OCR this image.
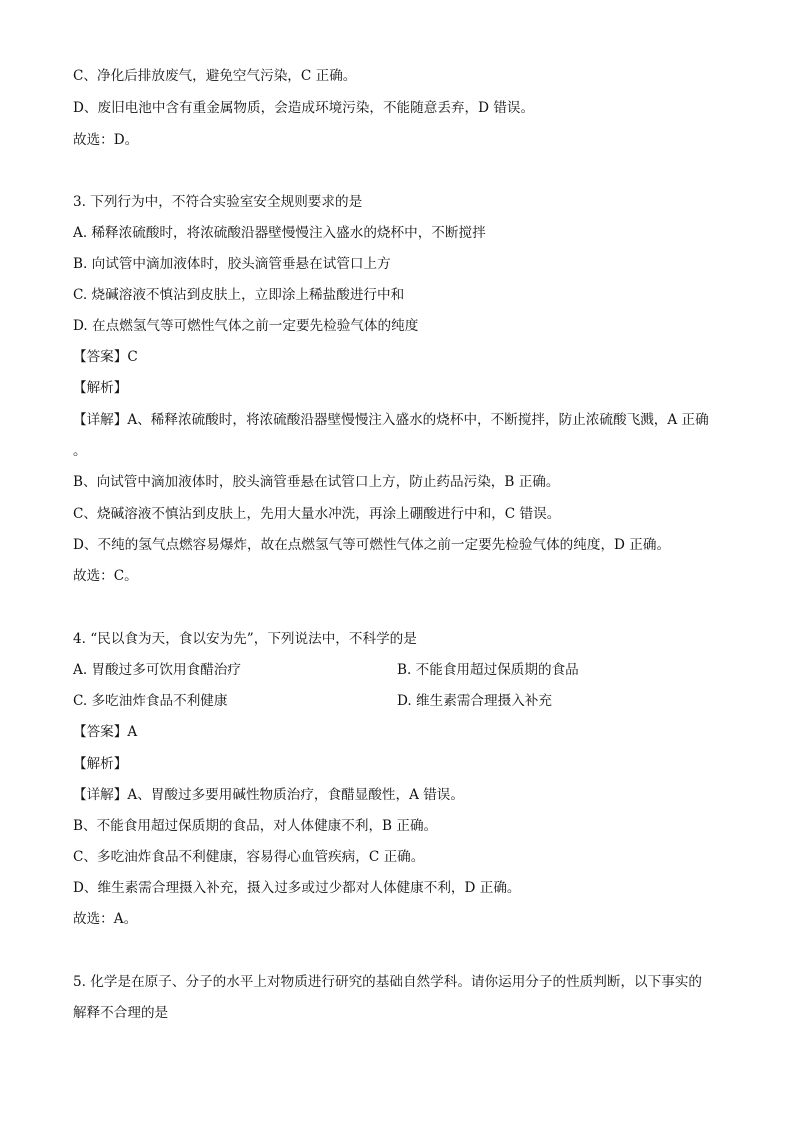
C、净化后排放废气，避免空气污染，C 正确。
D、废旧电池中含有重金属物质，会造成环境污染，不能随意丢弃，D 错误。
故选：D。
3. 下列行为中，不符合实验室安全规则要求的是
A. 稀释浓硫酸时，将浓硫酸沿器壁慢慢注入盛水的烧杯中，不断搅拌
B. 向试管中滴加液体时，胶头滴管垂悬在试管口上方
C. 烧碱溶液不慎沾到皮肤上，立即涂上稀盐酸进行中和
D. 在点燃氢气等可燃性气体之前一定要先检验气体的纯度
【答案】C
【解析】
【详解】A、稀释浓硫酸时，将浓硫酸沿器壁慢慢注入盛水的烧杯中，不断搅拌，防止浓硫酸飞溅，A 正确
。
B、向试管中滴加液体时，胶头滴管垂悬在试管口上方，防止药品污染，B 正确。
C、烧碱溶液不慎沾到皮肤上，先用大量水冲洗，再涂上硼酸进行中和，C 错误。
D、不纯的氢气点燃容易爆炸，故在点燃氢气等可燃性气体之前一定要先检验气体的纯度，D 正确。
故选：C。
4. “民以食为天，食以安为先”，下列说法中，不科学的是
A. 胃酸过多可饮用食醋治疗	B. 不能食用超过保质期的食品
C. 多吃油炸食品不利健康	D. 维生素需合理摄入补充
【答案】A
【解析】
【详解】A、胃酸过多要用碱性物质治疗，食醋显酸性，A 错误。
B、不能食用超过保质期的食品，对人体健康不利，B 正确。
C、多吃油炸食品不利健康，容易得心血管疾病，C 正确。
D、维生素需合理摄入补充，摄入过多或过少都对人体健康不利，D 正确。
故选：A。
5. 化学是在原子、分子的水平上对物质进行研究的基础自然学科。请你运用分子的性质判断，以下事实的
解释不合理的是
